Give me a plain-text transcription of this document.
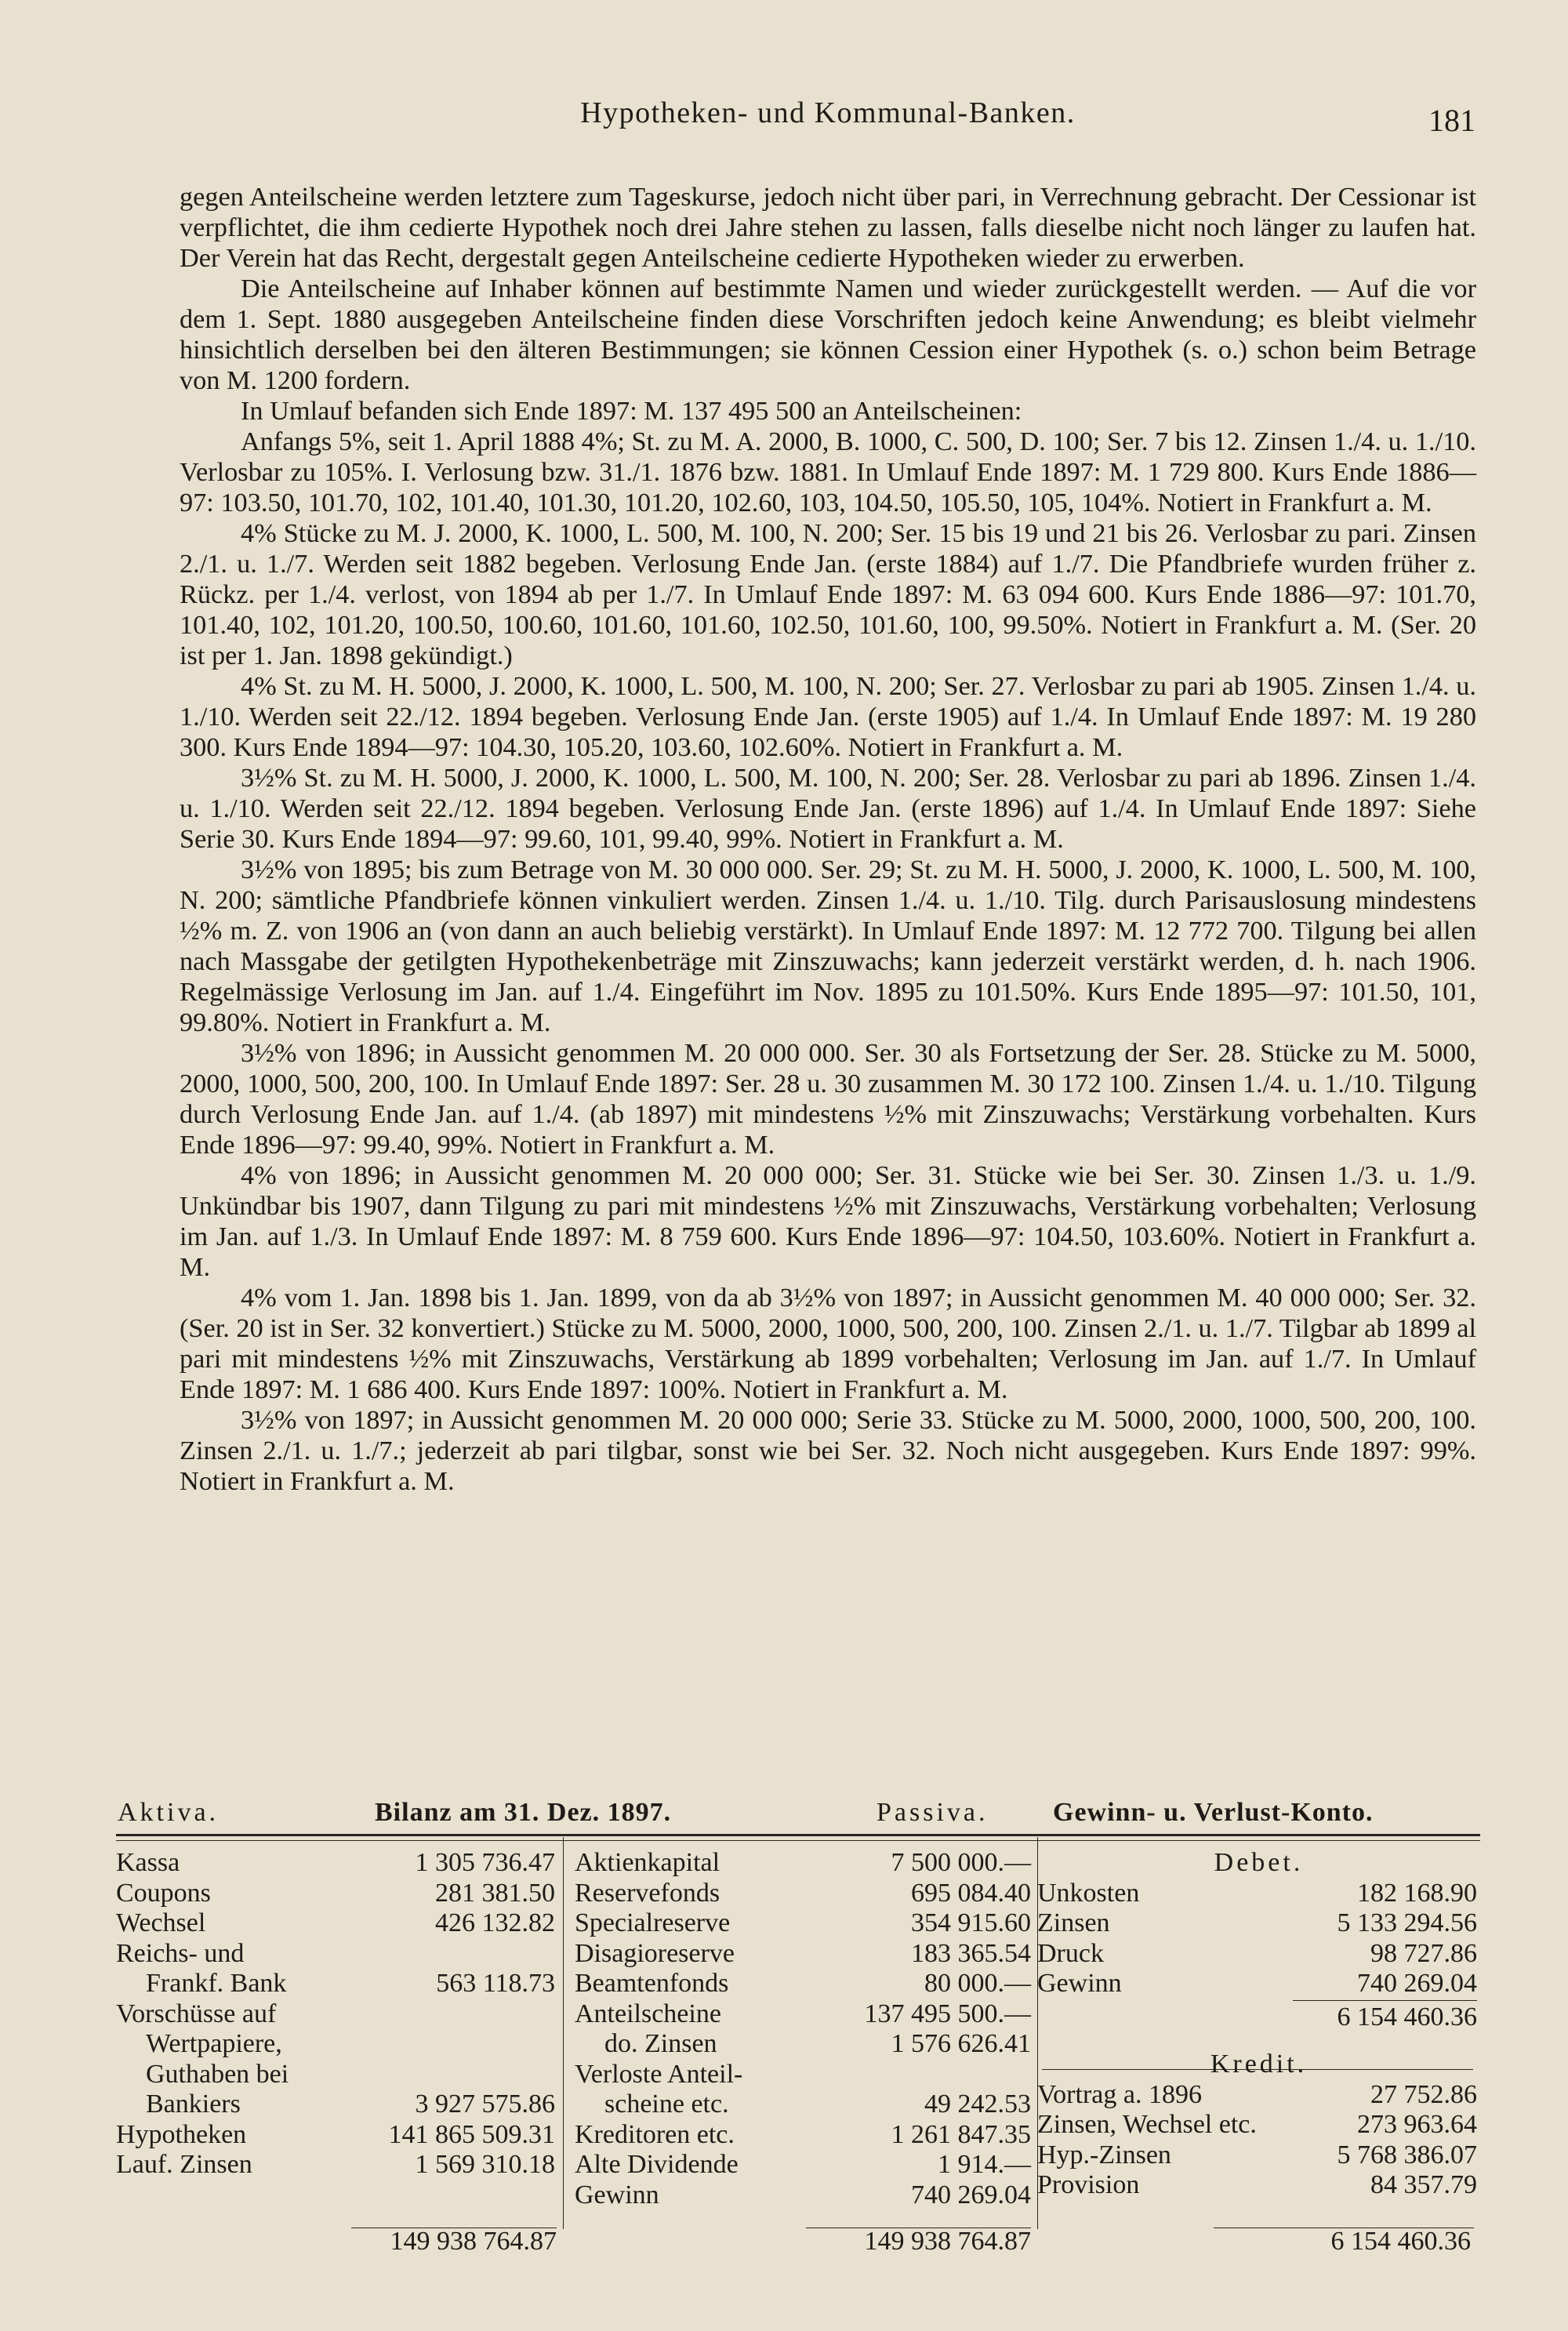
Hypotheken- und Kommunal-Banken.	181

gegen Anteilscheine werden letztere zum Tageskurse, jedoch nicht über pari, in Verrechnung gebracht. Der Cessionar ist verpflichtet, die ihm cedierte Hypothek noch drei Jahre stehen zu lassen, falls dieselbe nicht noch länger zu laufen hat. Der Verein hat das Recht, dergestalt gegen Anteilscheine cedierte Hypotheken wieder zu erwerben.

Die Anteilscheine auf Inhaber können auf bestimmte Namen und wieder zurückgestellt werden. — Auf die vor dem 1. Sept. 1880 ausgegeben Anteilscheine finden diese Vorschriften jedoch keine Anwendung; es bleibt vielmehr hinsichtlich derselben bei den älteren Bestimmungen; sie können Cession einer Hypothek (s. o.) schon beim Betrage von M. 1200 fordern.

In Umlauf befanden sich Ende 1897: M. 137 495 500 an Anteilscheinen:

Anfangs 5%, seit 1. April 1888 4%; St. zu M. A. 2000, B. 1000, C. 500, D. 100; Ser. 7 bis 12. Zinsen 1./4. u. 1./10. Verlosbar zu 105%. I. Verlosung bzw. 31./1. 1876 bzw. 1881. In Umlauf Ende 1897: M. 1 729 800. Kurs Ende 1886—97: 103.50, 101.70, 102, 101.40, 101.30, 101.20, 102.60, 103, 104.50, 105.50, 105, 104%. Notiert in Frankfurt a. M.

4% Stücke zu M. J. 2000, K. 1000, L. 500, M. 100, N. 200; Ser. 15 bis 19 und 21 bis 26. Verlosbar zu pari. Zinsen 2./1. u. 1./7. Werden seit 1882 begeben. Verlosung Ende Jan. (erste 1884) auf 1./7. Die Pfandbriefe wurden früher z. Rückz. per 1./4. verlost, von 1894 ab per 1./7. In Umlauf Ende 1897: M. 63 094 600. Kurs Ende 1886—97: 101.70, 101.40, 102, 101.20, 100.50, 100.60, 101.60, 101.60, 102.50, 101.60, 100, 99.50%. Notiert in Frankfurt a. M. (Ser. 20 ist per 1. Jan. 1898 gekündigt.)

4% St. zu M. H. 5000, J. 2000, K. 1000, L. 500, M. 100, N. 200; Ser. 27. Verlosbar zu pari ab 1905. Zinsen 1./4. u. 1./10. Werden seit 22./12. 1894 begeben. Verlosung Ende Jan. (erste 1905) auf 1./4. In Umlauf Ende 1897: M. 19 280 300. Kurs Ende 1894—97: 104.30, 105.20, 103.60, 102.60%. Notiert in Frankfurt a. M.

3½% St. zu M. H. 5000, J. 2000, K. 1000, L. 500, M. 100, N. 200; Ser. 28. Verlosbar zu pari ab 1896. Zinsen 1./4. u. 1./10. Werden seit 22./12. 1894 begeben. Verlosung Ende Jan. (erste 1896) auf 1./4. In Umlauf Ende 1897: Siehe Serie 30. Kurs Ende 1894—97: 99.60, 101, 99.40, 99%. Notiert in Frankfurt a. M.

3½% von 1895; bis zum Betrage von M. 30 000 000. Ser. 29; St. zu M. H. 5000, J. 2000, K. 1000, L. 500, M. 100, N. 200; sämtliche Pfandbriefe können vinkuliert werden. Zinsen 1./4. u. 1./10. Tilg. durch Parisauslosung mindestens ½% m. Z. von 1906 an (von dann an auch beliebig verstärkt). In Umlauf Ende 1897: M. 12 772 700. Tilgung bei allen nach Massgabe der getilgten Hypothekenbeträge mit Zinszuwachs; kann jederzeit verstärkt werden, d. h. nach 1906. Regelmässige Verlosung im Jan. auf 1./4. Eingeführt im Nov. 1895 zu 101.50%. Kurs Ende 1895—97: 101.50, 101, 99.80%. Notiert in Frankfurt a. M.

3½% von 1896; in Aussicht genommen M. 20 000 000. Ser. 30 als Fortsetzung der Ser. 28. Stücke zu M. 5000, 2000, 1000, 500, 200, 100. In Umlauf Ende 1897: Ser. 28 u. 30 zusammen M. 30 172 100. Zinsen 1./4. u. 1./10. Tilgung durch Verlosung Ende Jan. auf 1./4. (ab 1897) mit mindestens ½% mit Zinszuwachs; Verstärkung vorbehalten. Kurs Ende 1896—97: 99.40, 99%. Notiert in Frankfurt a. M.

4% von 1896; in Aussicht genommen M. 20 000 000; Ser. 31. Stücke wie bei Ser. 30. Zinsen 1./3. u. 1./9. Unkündbar bis 1907, dann Tilgung zu pari mit mindestens ½% mit Zinszuwachs, Verstärkung vorbehalten; Verlosung im Jan. auf 1./3. In Umlauf Ende 1897: M. 8 759 600. Kurs Ende 1896—97: 104.50, 103.60%. Notiert in Frankfurt a. M.

4% vom 1. Jan. 1898 bis 1. Jan. 1899, von da ab 3½% von 1897; in Aussicht genommen M. 40 000 000; Ser. 32. (Ser. 20 ist in Ser. 32 konvertiert.) Stücke zu M. 5000, 2000, 1000, 500, 200, 100. Zinsen 2./1. u. 1./7. Tilgbar ab 1899 al pari mit mindestens ½% mit Zinszuwachs, Verstärkung ab 1899 vorbehalten; Verlosung im Jan. auf 1./7. In Umlauf Ende 1897: M. 1 686 400. Kurs Ende 1897: 100%. Notiert in Frankfurt a. M.

3½% von 1897; in Aussicht genommen M. 20 000 000; Serie 33. Stücke zu M. 5000, 2000, 1000, 500, 200, 100. Zinsen 2./1. u. 1./7.; jederzeit ab pari tilgbar, sonst wie bei Ser. 32. Noch nicht ausgegeben. Kurs Ende 1897: 99%. Notiert in Frankfurt a. M.

Aktiva.	Bilanz am 31. Dez. 1897.	Passiva. Gewinn- u. Verlust-Konto.
Kassa	1 305 736.47
Coupons	281 381.50
Wechsel	426 132.82
Reichs- und
Frankf. Bank	563 118.73
Vorschüsse auf
Wertpapiere,
Guthaben bei
Bankiers	3 927 575.86
Hypotheken	141 865 509.31
Lauf. Zinsen	1 569 310.18
149 938 764.87
Aktienkapital	7 500 000.—
Reservefonds	695 084.40
Specialreserve	354 915.60
Disagioreserve	183 365.54
Beamtenfonds	80 000.—
Anteilscheine	137 495 500.—
do. Zinsen	1 576 626.41
Verloste Anteil-
scheine etc.	49 242.53
Kreditoren etc.	1 261 847.35
Alte Dividende	1 914.—
Gewinn	740 269.04
149 938 764.87
Debet.
Unkosten	182 168.90
Zinsen	5 133 294.56
Druck	98 727.86
Gewinn	740 269.04
6 154 460.36
Kredit.
Vortrag a. 1896	27 752.86
Zinsen, Wechsel etc.	273 963.64
Hyp.-Zinsen	5 768 386.07
Provision	84 357.79
6 154 460.36
